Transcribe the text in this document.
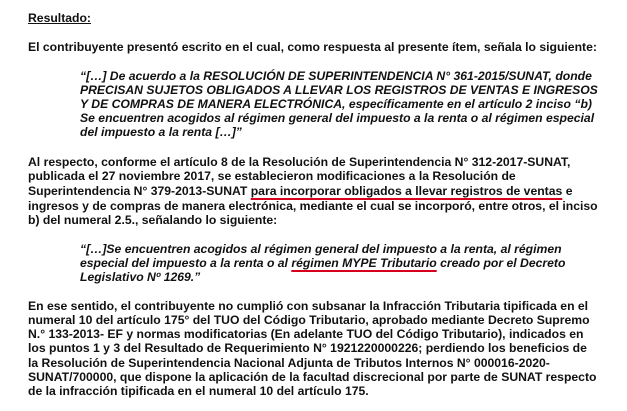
Resultado:
El contribuyente presentó escrito en el cual, como respuesta al presente ítem, señala lo siguiente:
“[…] De acuerdo a la RESOLUCIÓN DE SUPERINTENDENCIA N° 361-2015/SUNAT, donde
PRECISAN SUJETOS OBLIGADOS A LLEVAR LOS REGISTROS DE VENTAS E INGRESOS
Y DE COMPRAS DE MANERA ELECTRÓNICA, específicamente en el artículo 2 inciso “b)
Se encuentren acogidos al régimen general del impuesto a la renta o al régimen especial
del impuesto a la renta […]”
Al respecto, conforme el artículo 8 de la Resolución de Superintendencia N° 312-2017-SUNAT,
publicada el 27 noviembre 2017, se establecieron modificaciones a la Resolución de
Superintendencia N° 379-2013-SUNAT para incorporar obligados a llevar registros de ventas e
ingresos y de compras de manera electrónica, mediante el cual se incorporó, entre otros, el inciso
b) del numeral 2.5., señalando lo siguiente:
“[…]Se encuentren acogidos al régimen general del impuesto a la renta, al régimen
especial del impuesto a la renta o al régimen MYPE Tributario creado por el Decreto
Legislativo Nº 1269.”
En ese sentido, el contribuyente no cumplió con subsanar la Infracción Tributaria tipificada en el
numeral 10 del artículo 175° del TUO del Código Tributario, aprobado mediante Decreto Supremo
N.° 133-2013- EF y normas modificatorias (En adelante TUO del Código Tributario), indicados en
los puntos 1 y 3 del Resultado de Requerimiento N° 1921220000226; perdiendo los beneficios de
la Resolución de Superintendencia Nacional Adjunta de Tributos Internos N° 000016-2020-
SUNAT/700000, que dispone la aplicación de la facultad discrecional por parte de SUNAT respecto
de la infracción tipificada en el numeral 10 del artículo 175.
